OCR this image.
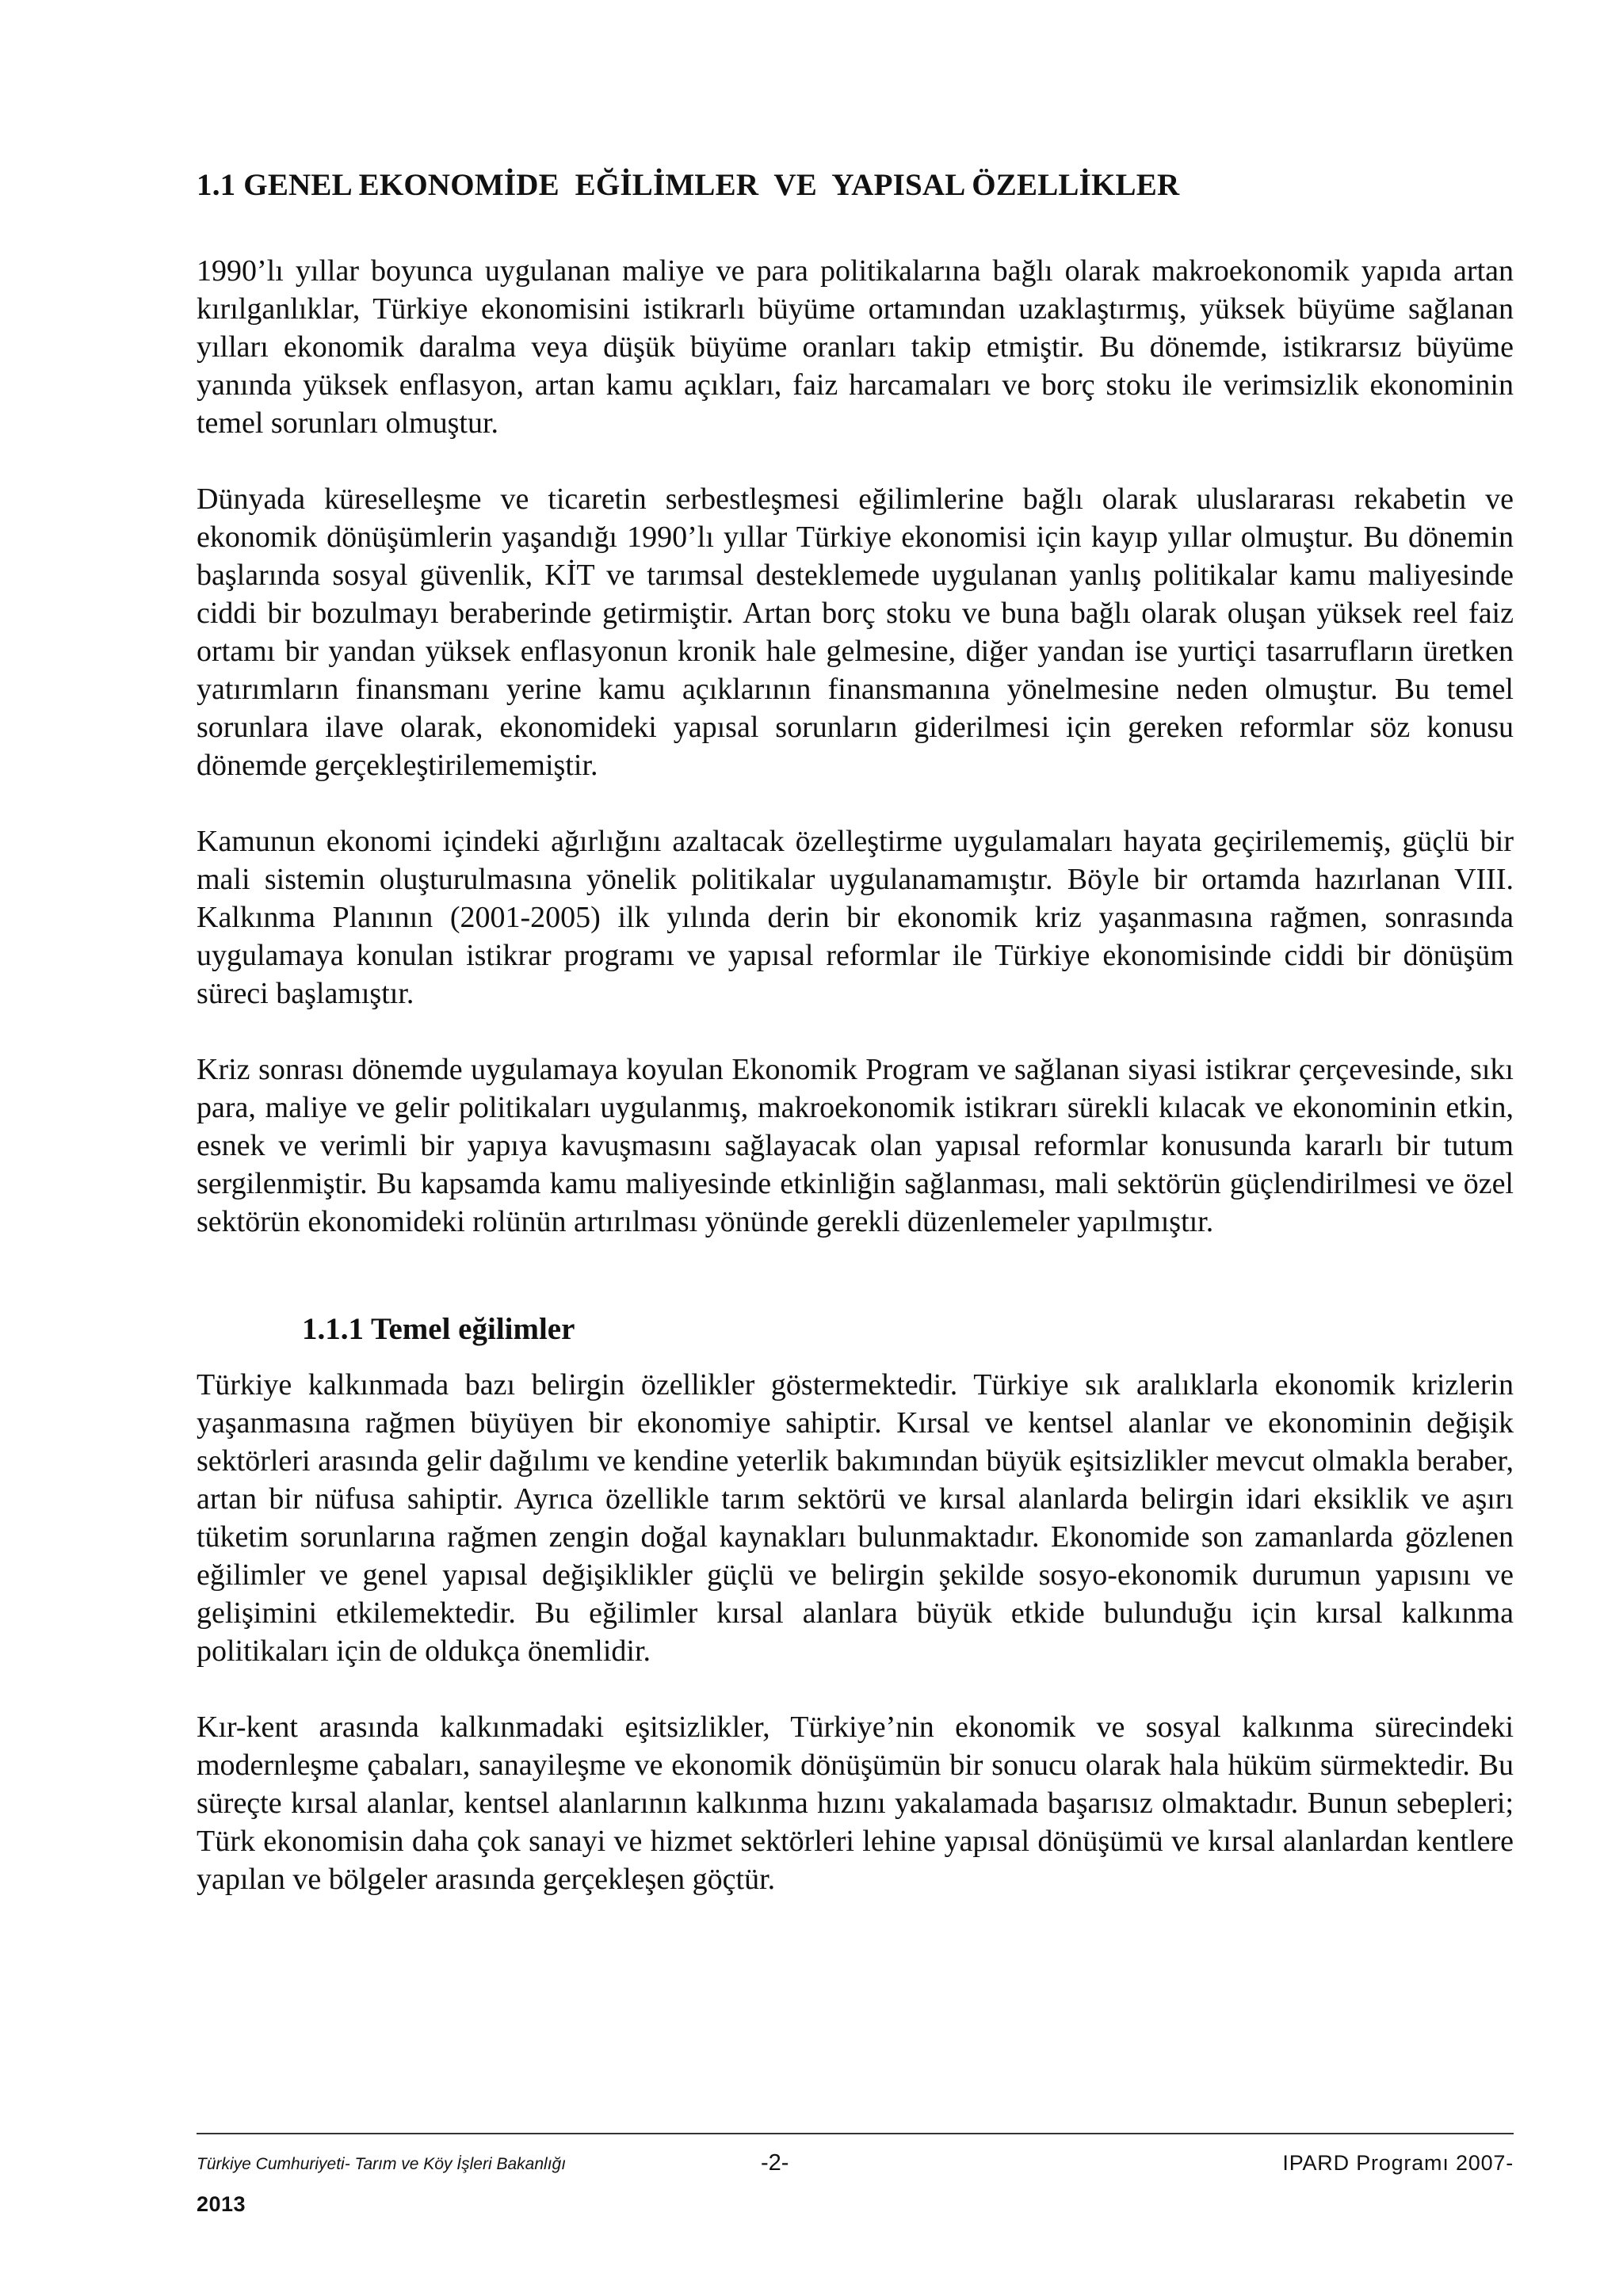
1.1 GENEL EKONOMİDE  EĞİLİMLER  VE  YAPISAL ÖZELLİKLER

1990’lı yıllar boyunca uygulanan maliye ve para politikalarına bağlı olarak makroekonomik yapıda artan kırılganlıklar, Türkiye ekonomisini istikrarlı büyüme ortamından uzaklaştırmış, yüksek büyüme sağlanan yılları ekonomik daralma veya düşük büyüme oranları takip etmiştir. Bu dönemde, istikrarsız büyüme yanında yüksek enflasyon, artan kamu açıkları, faiz harcamaları ve borç stoku ile verimsizlik ekonominin temel sorunları olmuştur.

Dünyada küreselleşme ve ticaretin serbestleşmesi eğilimlerine bağlı olarak uluslararası rekabetin ve ekonomik dönüşümlerin yaşandığı 1990’lı yıllar Türkiye ekonomisi için kayıp yıllar olmuştur. Bu dönemin başlarında sosyal güvenlik, KİT ve tarımsal desteklemede uygulanan yanlış politikalar kamu maliyesinde ciddi bir bozulmayı beraberinde getirmiştir. Artan borç stoku ve buna bağlı olarak oluşan yüksek reel faiz ortamı bir yandan yüksek enflasyonun kronik hale gelmesine, diğer yandan ise yurtiçi tasarrufların üretken yatırımların finansmanı yerine kamu açıklarının finansmanına yönelmesine neden olmuştur. Bu temel sorunlara ilave olarak, ekonomideki yapısal sorunların giderilmesi için gereken reformlar söz konusu dönemde gerçekleştirilememiştir.

Kamunun ekonomi içindeki ağırlığını azaltacak özelleştirme uygulamaları hayata geçirilememiş, güçlü bir mali sistemin oluşturulmasına yönelik politikalar uygulanamamıştır. Böyle bir ortamda hazırlanan VIII. Kalkınma Planının (2001-2005) ilk yılında derin bir ekonomik kriz yaşanmasına rağmen, sonrasında uygulamaya konulan istikrar programı ve yapısal reformlar ile Türkiye ekonomisinde ciddi bir dönüşüm süreci başlamıştır.

Kriz sonrası dönemde uygulamaya koyulan Ekonomik Program ve sağlanan siyasi istikrar çerçevesinde, sıkı para, maliye ve gelir politikaları uygulanmış, makroekonomik istikrarı sürekli kılacak ve ekonominin etkin, esnek ve verimli bir yapıya kavuşmasını sağlayacak olan yapısal reformlar konusunda kararlı bir tutum sergilenmiştir. Bu kapsamda kamu maliyesinde etkinliğin sağlanması, mali sektörün güçlendirilmesi ve özel sektörün ekonomideki rolünün artırılması yönünde gerekli düzenlemeler yapılmıştır.

1.1.1 Temel eğilimler

Türkiye kalkınmada bazı belirgin özellikler göstermektedir. Türkiye sık aralıklarla ekonomik krizlerin yaşanmasına rağmen büyüyen bir ekonomiye sahiptir. Kırsal ve kentsel alanlar ve ekonominin değişik sektörleri arasında gelir dağılımı ve kendine yeterlik bakımından büyük eşitsizlikler mevcut olmakla beraber, artan bir nüfusa sahiptir. Ayrıca özellikle tarım sektörü ve kırsal alanlarda belirgin idari eksiklik ve aşırı tüketim sorunlarına rağmen zengin doğal kaynakları bulunmaktadır. Ekonomide son zamanlarda gözlenen eğilimler ve genel yapısal değişiklikler güçlü ve belirgin şekilde sosyo-ekonomik durumun yapısını ve gelişimini etkilemektedir. Bu eğilimler kırsal alanlara büyük etkide bulunduğu için kırsal kalkınma politikaları için de oldukça önemlidir.

Kır-kent arasında kalkınmadaki eşitsizlikler, Türkiye’nin ekonomik ve sosyal kalkınma sürecindeki modernleşme çabaları, sanayileşme ve ekonomik dönüşümün bir sonucu olarak hala hüküm sürmektedir. Bu süreçte kırsal alanlar, kentsel alanlarının kalkınma hızını yakalamada başarısız olmaktadır. Bunun sebepleri; Türk ekonomisin daha çok sanayi ve hizmet sektörleri lehine yapısal dönüşümü ve kırsal alanlardan kentlere yapılan ve bölgeler arasında gerçekleşen göçtür.

Türkiye Cumhuriyeti- Tarım ve Köy İşleri Bakanlığı	-2-	IPARD Programı 2007-
2013
